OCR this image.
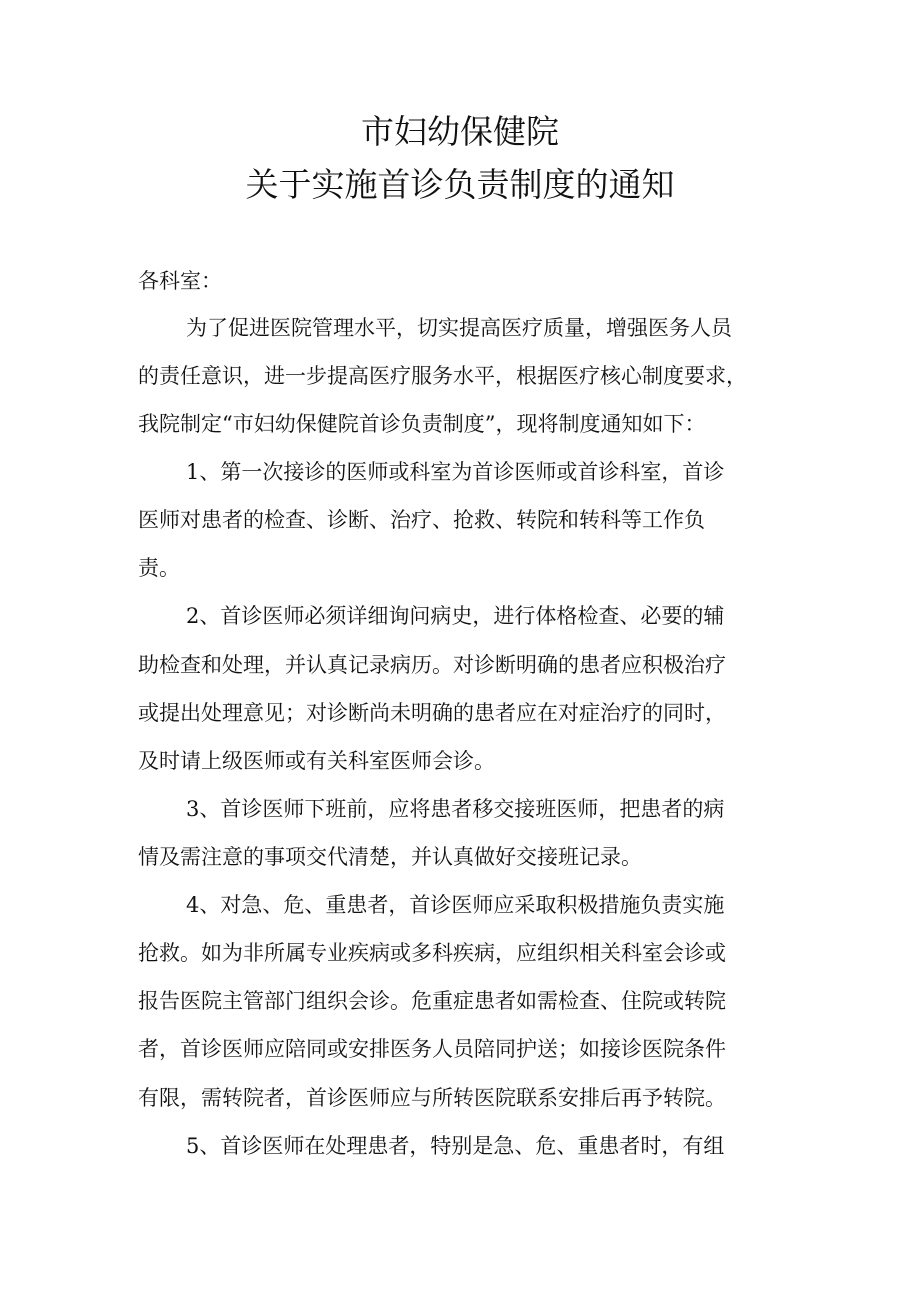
市妇幼保健院
关于实施首诊负责制度的通知
各科室：
为了促进医院管理水平，切实提高医疗质量，增强医务人员
的责任意识，进一步提高医疗服务水平，根据医疗核心制度要求，
我院制定“市妇幼保健院首诊负责制度”，现将制度通知如下：
1、第一次接诊的医师或科室为首诊医师或首诊科室，首诊
医师对患者的检查、诊断、治疗、抢救、转院和转科等工作负
责。
2、首诊医师必须详细询问病史，进行体格检查、必要的辅
助检查和处理，并认真记录病历。对诊断明确的患者应积极治疗
或提出处理意见；对诊断尚未明确的患者应在对症治疗的同时，
及时请上级医师或有关科室医师会诊。
3、首诊医师下班前，应将患者移交接班医师，把患者的病
情及需注意的事项交代清楚，并认真做好交接班记录。
4、对急、危、重患者，首诊医师应采取积极措施负责实施
抢救。如为非所属专业疾病或多科疾病，应组织相关科室会诊或
报告医院主管部门组织会诊。危重症患者如需检查、住院或转院
者，首诊医师应陪同或安排医务人员陪同护送；如接诊医院条件
有限，需转院者，首诊医师应与所转医院联系安排后再予转院。
5、首诊医师在处理患者，特别是急、危、重患者时，有组
